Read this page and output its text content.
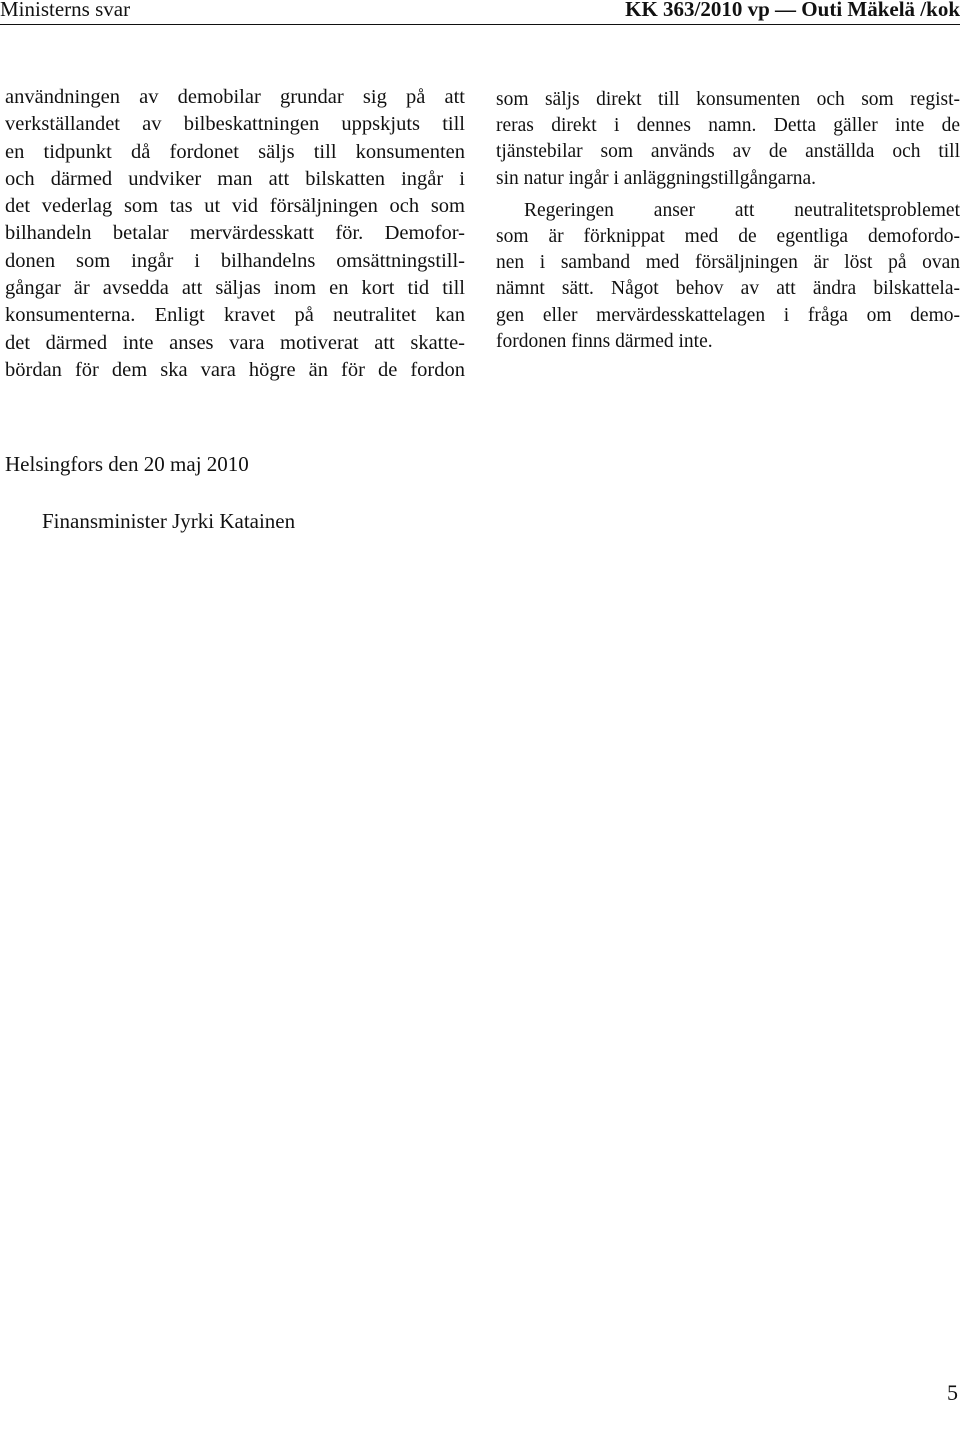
Ministerns svar	KK 363/2010 vp — Outi Mäkelä /kok
användningen av demobilar grundar sig på att
verkställandet av bilbeskattningen uppskjuts till
en tidpunkt då fordonet säljs till konsumenten
och därmed undviker man att bilskatten ingår i
det vederlag som tas ut vid försäljningen och som
bilhandeln betalar mervärdesskatt för. Demofor-
donen som ingår i bilhandelns omsättningstill-
gångar är avsedda att säljas inom en kort tid till
konsumenterna. Enligt kravet på neutralitet kan
det därmed inte anses vara motiverat att skatte-
bördan för dem ska vara högre än för de fordon
som säljs direkt till konsumenten och som regist-
reras direkt i dennes namn. Detta gäller inte de
tjänstebilar som används av de anställda och till
sin natur ingår i anläggningstillgångarna.
Regeringen anser att neutralitetsproblemet
som är förknippat med de egentliga demofordo-
nen i samband med försäljningen är löst på ovan
nämnt sätt. Något behov av att ändra bilskattela-
gen eller mervärdesskattelagen i fråga om demo-
fordonen finns därmed inte.
Helsingfors den 20 maj 2010
Finansminister Jyrki Katainen
5
